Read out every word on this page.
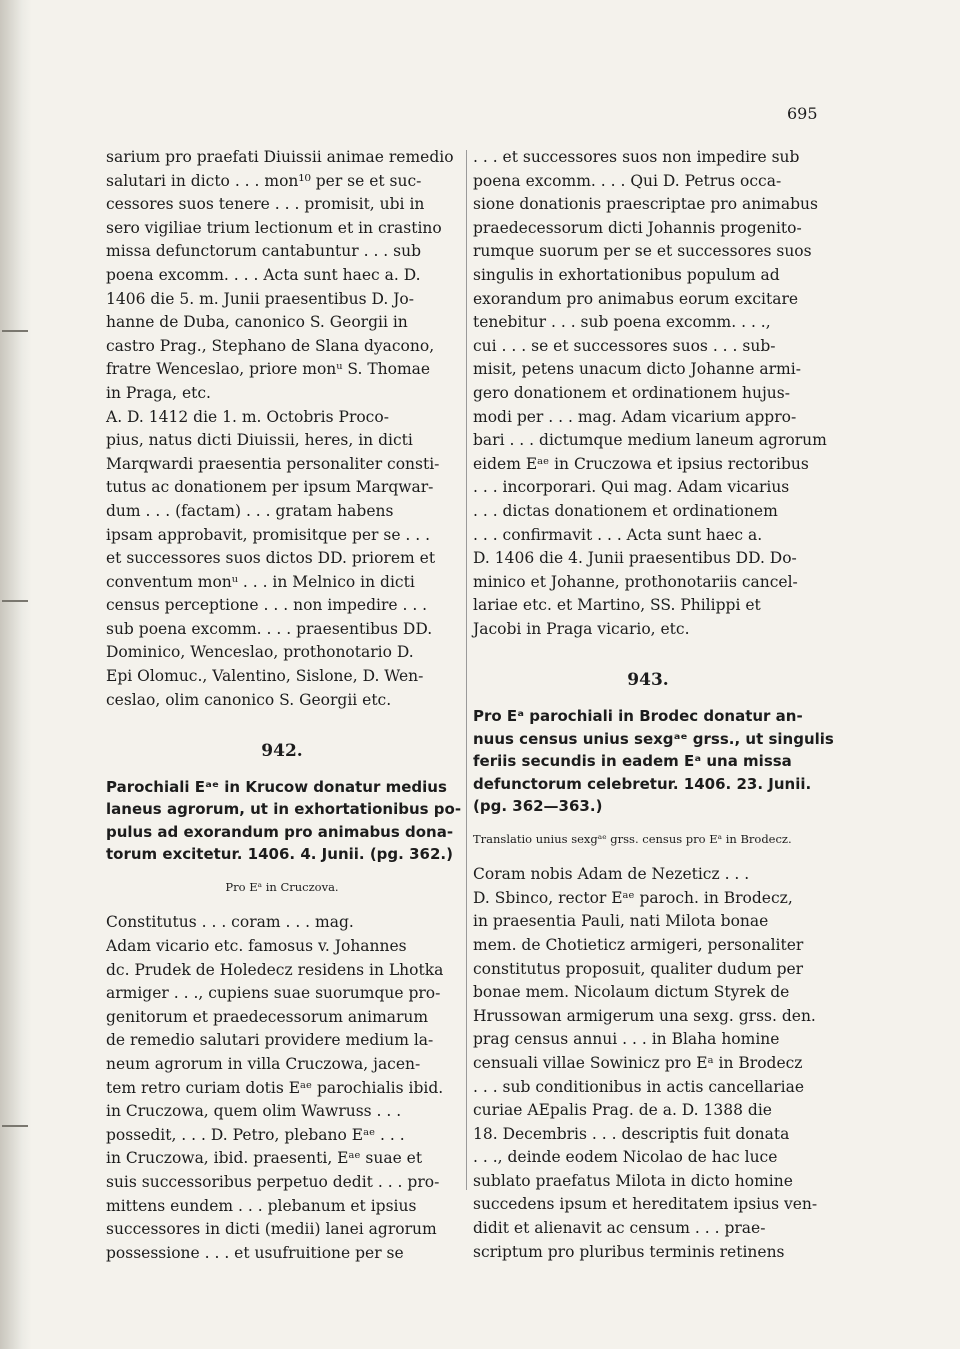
695

sarium pro praefati Diuissii animae remedio
salutari in dicto . . . mon¹⁰ per se et suc-
cessores suos tenere . . . promisit, ubi in
sero vigiliae trium lectionum et in crastino
missa defunctorum cantabuntur . . . sub
poena excomm. . . . Acta sunt haec a. D.
1406 die 5. m. Junii praesentibus D. Jo-
hanne de Duba, canonico S. Georgii in
castro Prag., Stephano de Slana dyacono,
fratre Wenceslao, priore monᵘ S. Thomae
in Praga, etc.

A. D. 1412 die 1. m. Octobris Proco-
pius, natus dicti Diuissii, heres, in dicti
Marqwardi praesentia personaliter consti-
tutus ac donationem per ipsum Marqwar-
dum . . . (factam) . . . gratam habens
ipsam approbavit, promisitque per se . . .
et successores suos dictos DD. priorem et
conventum monᵘ . . . in Melnico in dicti
census perceptione . . . non impedire . . .
sub poena excomm. . . . praesentibus DD.
Dominico, Wenceslao, prothonotario D.
Epi Olomuc., Valentino, Sislone, D. Wen-
ceslao, olim canonico S. Georgii etc.

942.
Parochiali Eᵃᵉ in Krucow donatur medius
laneus agrorum, ut in exhortationibus po-
pulus ad exorandum pro animabus dona-
torum excitetur. 1406. 4. Junii. (pg. 362.)
Pro Eᵃ in Cruczova.

Constitutus . . . coram . . . mag.
Adam vicario etc. famosus v. Johannes
dc. Prudek de Holedecz residens in Lhotka
armiger . . ., cupiens suae suorumque pro-
genitorum et praedecessorum animarum
de remedio salutari providere medium la-
neum agrorum in villa Cruczowa, jacen-
tem retro curiam dotis Eᵃᵉ parochialis ibid.
in Cruczowa, quem olim Wawruss . . .
possedit, . . . D. Petro, plebano Eᵃᵉ . . .
in Cruczowa, ibid. praesenti, Eᵃᵉ suae et
suis successoribus perpetuo dedit . . . pro-
mittens eundem . . . plebanum et ipsius
successores in dicti (medii) lanei agrorum
possessione . . . et usufruitione per se

. . . et successores suos non impedire sub
poena excomm. . . . Qui D. Petrus occa-
sione donationis praescriptae pro animabus
praedecessorum dicti Johannis progenito-
rumque suorum per se et successores suos
singulis in exhortationibus populum ad
exorandum pro animabus eorum excitare
tenebitur . . . sub poena excomm. . . .,
cui . . . se et successores suos . . . sub-
misit, petens unacum dicto Johanne armi-
gero donationem et ordinationem hujus-
modi per . . . mag. Adam vicarium appro-
bari . . . dictumque medium laneum agrorum
eidem Eᵃᵉ in Cruczowa et ipsius rectoribus
. . . incorporari. Qui mag. Adam vicarius
. . . dictas donationem et ordinationem
. . . confirmavit . . . Acta sunt haec a.
D. 1406 die 4. Junii praesentibus DD. Do-
minico et Johanne, prothonotariis cancel-
lariae etc. et Martino, SS. Philippi et
Jacobi in Praga vicario, etc.

943.
Pro Eᵃ parochiali in Brodec donatur an-
nuus census unius sexgᵃᵉ grss., ut singulis
feriis secundis in eadem Eᵃ una missa
defunctorum celebretur. 1406. 23. Junii.
(pg. 362—363.)
Translatio unius sexgᵃᵉ grss. census pro Eᵃ in Brodecz.

Coram nobis Adam de Nezeticz . . .
D. Sbinco, rector Eᵃᵉ paroch. in Brodecz,
in praesentia Pauli, nati Milota bonae
mem. de Chotieticz armigeri, personaliter
constitutus proposuit, qualiter dudum per
bonae mem. Nicolaum dictum Styrek de
Hrussowan armigerum una sexg. grss. den.
prag census annui . . . in Blaha homine
censuali villae Sowinicz pro Eᵃ in Brodecz
. . . sub conditionibus in actis cancellariae
curiae AEpalis Prag. de a. D. 1388 die
18. Decembris . . . descriptis fuit donata
. . ., deinde eodem Nicolao de hac luce
sublato praefatus Milota in dicto homine
succedens ipsum et hereditatem ipsius ven-
didit et alienavit ac censum . . . prae-
scriptum pro pluribus terminis retinens
